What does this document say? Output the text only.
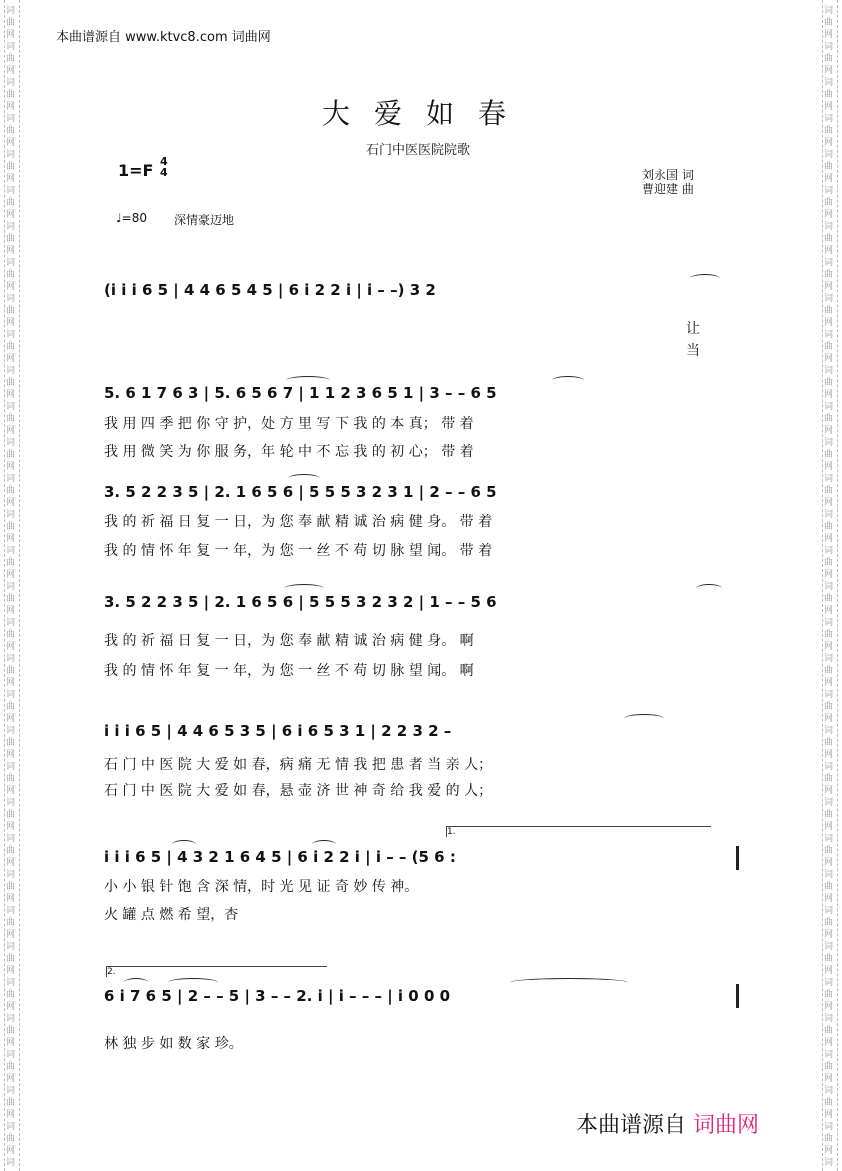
本曲谱源自 www.ktvc8.com 词曲网
大爱如春
石门中医医院院歌
1=F 4
4
♩=80 深情豪迈地
刘永国 词
曹迎建 曲
(i i i 6 5 | 4 4 6 5 4 5 | 6 i 2 2 i | i – –) 3 2
让
当
5. 6 1 7 6 3 | 5. 6 5 6 7 | 1 1 2 3 6 5 1 | 3 – – 6 5
我 用 四 季 把 你 守 护，处 方 里 写 下 我 的 本 真； 带 着
我 用 微 笑 为 你 服 务，年 轮 中 不 忘 我 的 初 心； 带 着
3. 5 2 2 3 5 | 2. 1 6 5 6 | 5 5 5 3 2 3 1 | 2 – – 6 5
我 的 祈 福 日 复 一 日，为 您 奉 献 精 诚 治 病 健 身。 带 着
我 的 情 怀 年 复 一 年，为 您 一 丝 不 苟 切 脉 望 闻。 带 着
3. 5 2 2 3 5 | 2. 1 6 5 6 | 5 5 5 3 2 3 2 | 1 – – 5 6
我 的 祈 福 日 复 一 日，为 您 奉 献 精 诚 治 病 健 身。 啊
我 的 情 怀 年 复 一 年，为 您 一 丝 不 苟 切 脉 望 闻。 啊
i i i 6 5 | 4 4 6 5 3 5 | 6 i 6 5 3 1 | 2 2 3 2 –
石 门 中 医 院 大 爱 如 春，病 痛 无 情 我 把 患 者 当 亲 人；
石 门 中 医 院 大 爱 如 春，悬 壶 济 世 神 奇 给 我 爱 的 人；
1.
i i i 6 5 | 4 3 2 1 6 4 5 | 6 i 2 2 i | i – – (5 6 :
小 小 银 针 饱 含 深 情，时 光 见 证 奇 妙 传 神。
火 罐 点 燃 希 望，杏
2.
6 i 7 6 5 | 2 – – 5 | 3 – – 2. i | i – – – | i 0 0 0
林 独 步 如 数 家 珍。
本曲谱源自 词曲网
词
曲
网
词
曲
网
词
曲
网
词
曲
网
词
曲
网
词
曲
网
词
曲
网
词
曲
网
词
曲
网
词
曲
网
词
曲
网
词
曲
网
词
曲
网
词
曲
网
词
曲
网
词
曲
网
词
曲
网
词
曲
网
词
曲
网
词
曲
网
词
曲
网
词
曲
网
词
曲
网
词
曲
网
词
曲
网
词
曲
网
词
曲
网
词
曲
网
词
曲
网
词
曲
网
词
曲
网
词
曲
网
词
词
曲
网
词
曲
网
词
曲
网
词
曲
网
词
曲
网
词
曲
网
词
曲
网
词
曲
网
词
曲
网
词
曲
网
词
曲
网
词
曲
网
词
曲
网
词
曲
网
词
曲
网
词
曲
网
词
曲
网
词
曲
网
词
曲
网
词
曲
网
词
曲
网
词
曲
网
词
曲
网
词
曲
网
词
曲
网
词
曲
网
词
曲
网
词
曲
网
词
曲
网
词
曲
网
词
曲
网
词
曲
网
词
